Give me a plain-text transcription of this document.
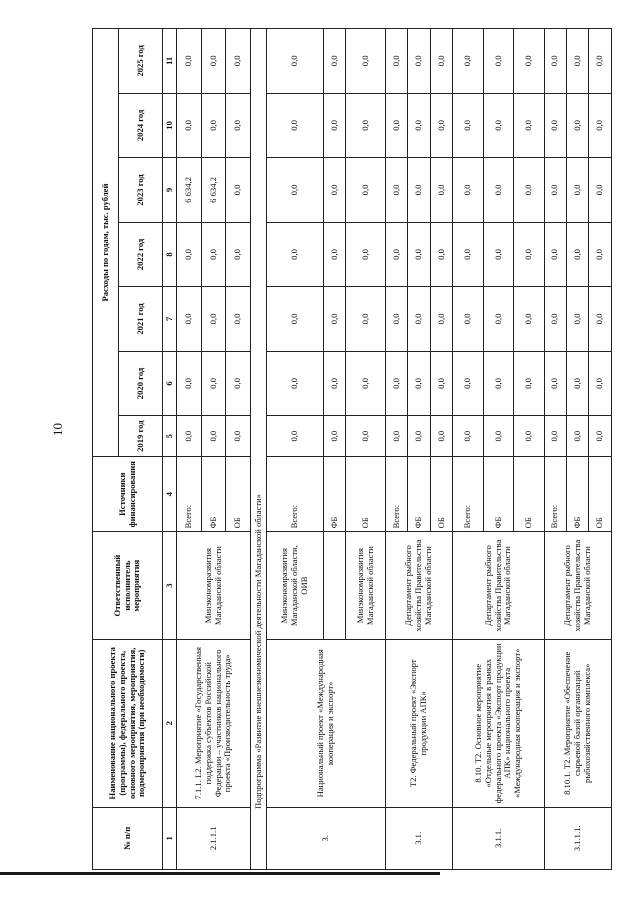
10
№ п/п	Наименование национального проекта (программы), федерального проекта, основного мероприятия, мероприятия, подмероприятия (при необходимости)	Ответственный исполнитель мероприятия	Источники финансирования	Расходы по годам, тыс. рублей						
				2019 год	2020 год	2021 год	2022 год	2023 год	2024 год	2025 год
1	2	3	4	5	6	7	8	9	10	11
2.1.1.1	7.1.1. L2. Мероприятие «Государственная поддержка субъектов Российской Федерации – участников национального проекта «Производительность труда»	Минэкономразвития Магаданской области	Всего:	0,0	0,0	0,0	0,0	6 634,2	0,0	0,0
			ФБ	0,0	0,0	0,0	0,0	6 634,2	0,0	0,0
			ОБ	0,0	0,0	0,0	0,0	0,0	0,0	0,0
Подпрограмма «Развитие внешнеэкономической деятельности Магаданской области»										
3.	Национальный проект «Международная кооперация и экспорт»	Минэкономразвития Магаданской области, ОИВ	Всего:	0,0	0,0	0,0	0,0	0,0	0,0	0,0
			ФБ	0,0	0,0	0,0	0,0	0,0	0,0	0,0
		Минэкономразвития Магаданской области	ОБ	0,0	0,0	0,0	0,0	0,0	0,0	0,0
3.1.	Т2. Федеральный проект «Экспорт продукции АПК»	Департамент рыбного хозяйства Правительства Магаданской области	Всего:	0,0	0,0	0,0	0,0	0,0	0,0	0,0
			ФБ	0,0	0,0	0,0	0,0	0,0	0,0	0,0
			ОБ	0,0	0,0	0,0	0,0	0,0	0,0	0,0
3.1.1.	8.10. Т2. Основное мероприятие «Отдельные мероприятия в рамках федерального проекта «Экспорт продукции АПК» национального проекта «Международная кооперация и экспорт»	Департамент рыбного хозяйства Правительства Магаданской области	Всего:	0,0	0,0	0,0	0,0	0,0	0,0	0,0
			ФБ	0,0	0,0	0,0	0,0	0,0	0,0	0,0
			ОБ	0,0	0,0	0,0	0,0	0,0	0,0	0,0
3.1.1.1.	8.10.1. Т2. Мероприятие «Обеспечение сырьевой базой организаций рыбохозяйственного комплекса»	Департамент рыбного хозяйства Правительства Магаданской области	Всего:	0,0	0,0	0,0	0,0	0,0	0,0	0,0
			ФБ	0,0	0,0	0,0	0,0	0,0	0,0	0,0
			ОБ	0,0	0,0	0,0	0,0	0,0	0,0	0,0
